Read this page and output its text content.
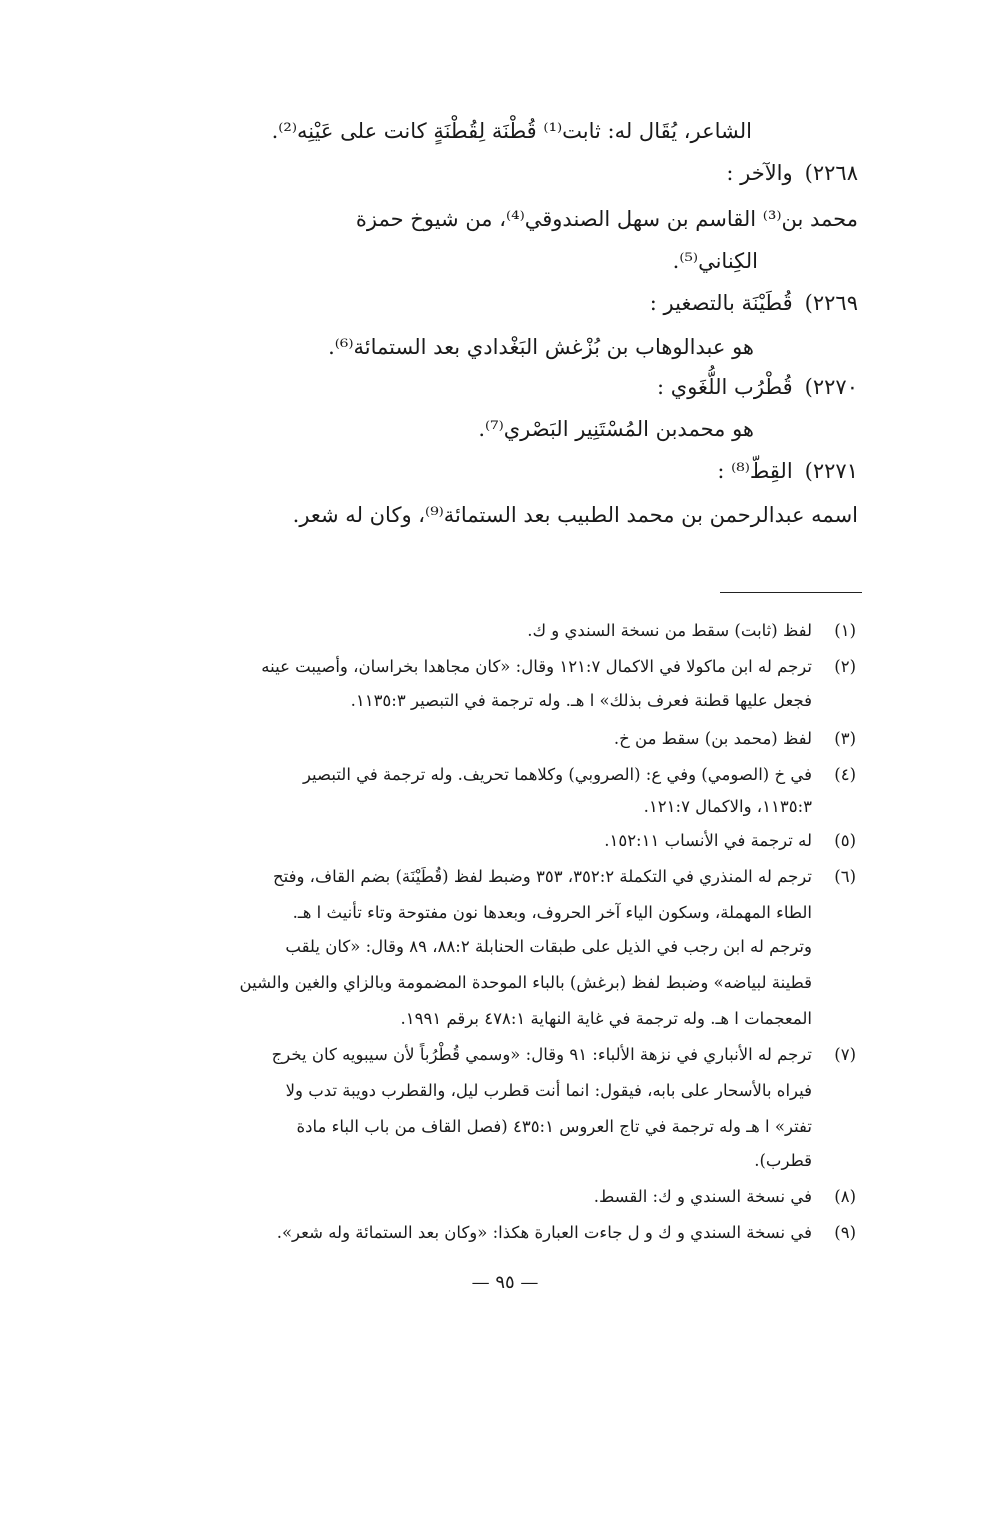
الشاعر، يُقَال له: ثابت⁽¹⁾ قُطْنَة لِقُطْنَةٍ كانت على عَيْنِه⁽²⁾.
٢٢٦٨)والآخر :
محمد بن⁽³⁾ القاسم بن سهل الصندوقي⁽⁴⁾، من شيوخ حمزة
الكِناني⁽⁵⁾.
٢٢٦٩)قُطَيْنَة بالتصغير :
هو عبدالوهاب بن بُزْغش البَغْدادي بعد الستمائة⁽⁶⁾.
٢٢٧٠)قُطْرُب اللُّغَوي :
هو محمدبن المُسْتَنِير البَصْري⁽⁷⁾.
٢٢٧١)القِطّ⁽⁸⁾ :
اسمه عبدالرحمن بن محمد الطبيب بعد الستمائة⁽⁹⁾، وكان له شعر.
(١)
لفظ (ثابت) سقط من نسخة السندي و ك.
(٢)
ترجم له ابن ماكولا في الاكمال ١٢١:٧ وقال: «كان مجاهدا بخراسان، وأصيبت عينه
فجعل عليها قطنة فعرف بذلك» ا هـ. وله ترجمة في التبصير ١١٣٥:٣.
(٣)
لفظ (محمد بن) سقط من خ.
(٤)
في خ (الصومي) وفي ع: (الصروبي) وكلاهما تحريف. وله ترجمة في التبصير
١١٣٥:٣، والاكمال ١٢١:٧.
(٥)
له ترجمة في الأنساب ١٥٢:١١.
(٦)
ترجم له المنذري في التكملة ٣٥٢:٢، ٣٥٣ وضبط لفظ (قُطَيْنَة) بضم القاف، وفتح
الطاء المهملة، وسكون الياء آخر الحروف، وبعدها نون مفتوحة وتاء تأنيث ا هـ.
وترجم له ابن رجب في الذيل على طبقات الحنابلة ٨٨:٢، ٨٩ وقال: «كان يلقب
قطينة لبياضه» وضبط لفظ (برغش) بالباء الموحدة المضمومة وبالزاي والغين والشين
المعجمات ا هـ. وله ترجمة في غاية النهاية ٤٧٨:١ برقم ١٩٩١.
(٧)
ترجم له الأنباري في نزهة الألباء: ٩١ وقال: «وسمي قُطْرُباً لأن سيبويه كان يخرج
فيراه بالأسحار على بابه، فيقول: انما أنت قطرب ليل، والقطرب دويبة تدب ولا
تفتر» ا هـ وله ترجمة في تاج العروس ٤٣٥:١ (فصل القاف من باب الباء مادة
قطرب).
(٨)
في نسخة السندي و ك: القسط.
(٩)
في نسخة السندي و ك و ل جاءت العبارة هكذا: «وكان بعد الستمائة وله شعر».
— ٩٥ —
